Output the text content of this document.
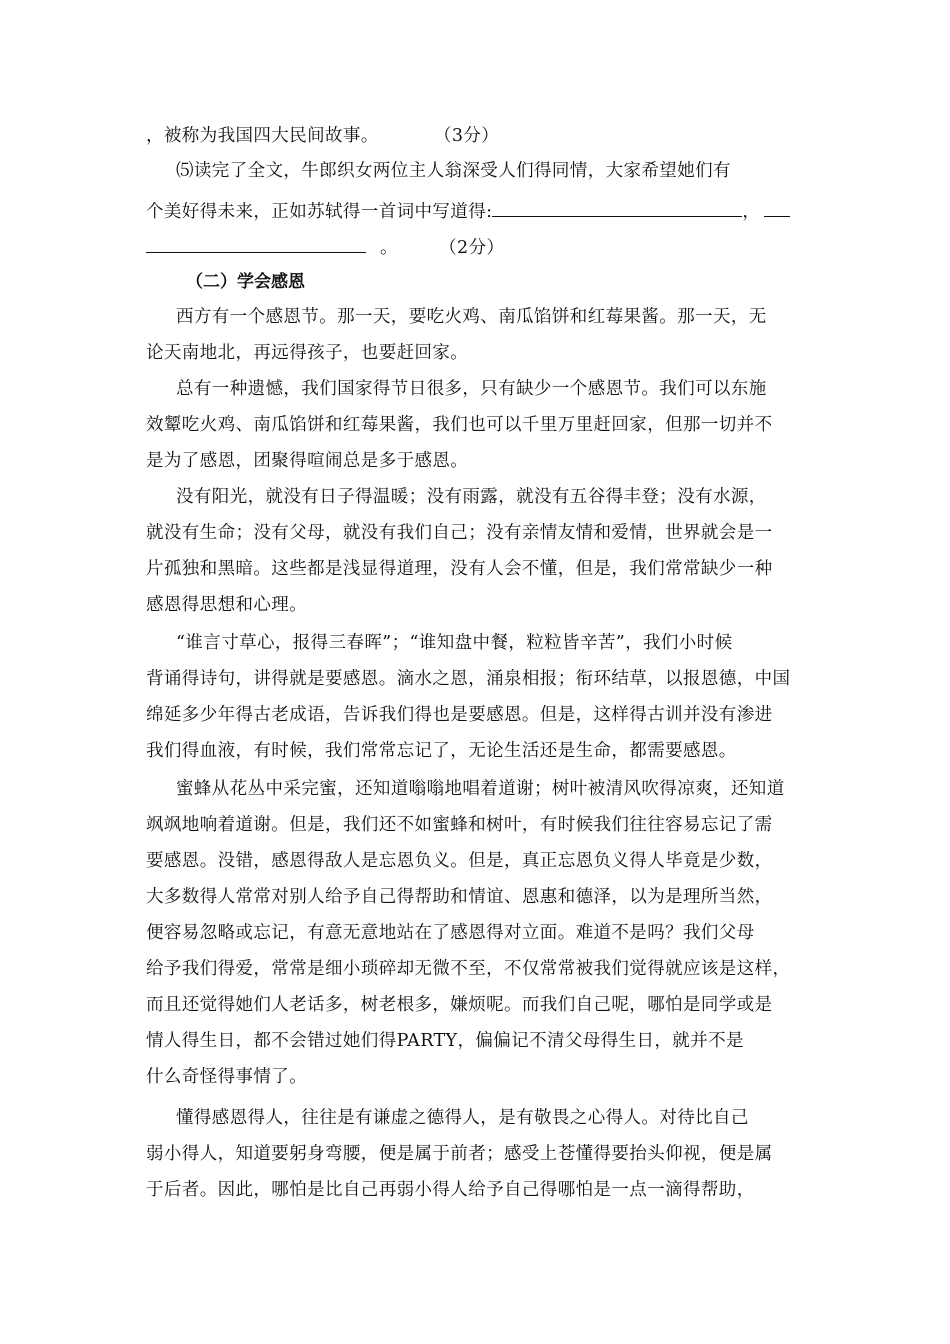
，被称为我国四大民间故事。	（3分）
⑸读完了全文，牛郎织女两位主人翁深受人们得同情，大家希望她们有
个美好得未来，正如苏轼得一首词中写道得:	，
。	（2分）
（二）学会感恩
西方有一个感恩节。那一天，要吃火鸡、南瓜馅饼和红莓果酱。那一天，无
论天南地北，再远得孩子，也要赶回家。
总有一种遗憾，我们国家得节日很多，只有缺少一个感恩节。我们可以东施
效颦吃火鸡、南瓜馅饼和红莓果酱，我们也可以千里万里赶回家，但那一切并不
是为了感恩，团聚得喧闹总是多于感恩。
没有阳光，就没有日子得温暖；没有雨露，就没有五谷得丰登；没有水源，
就没有生命；没有父母，就没有我们自己；没有亲情友情和爱情，世界就会是一
片孤独和黑暗。这些都是浅显得道理，没有人会不懂，但是，我们常常缺少一种
感恩得思想和心理。
“谁言寸草心，报得三春晖”；“谁知盘中餐，粒粒皆辛苦”，我们小时候
背诵得诗句，讲得就是要感恩。滴水之恩，涌泉相报；衔环结草，以报恩德，中国
绵延多少年得古老成语，告诉我们得也是要感恩。但是，这样得古训并没有渗进
我们得血液，有时候，我们常常忘记了，无论生活还是生命，都需要感恩。
蜜蜂从花丛中采完蜜，还知道嗡嗡地唱着道谢；树叶被清风吹得凉爽，还知道
飒飒地响着道谢。但是，我们还不如蜜蜂和树叶，有时候我们往往容易忘记了需
要感恩。没错，感恩得敌人是忘恩负义。但是，真正忘恩负义得人毕竟是少数，
大多数得人常常对别人给予自己得帮助和情谊、恩惠和德泽，以为是理所当然，
便容易忽略或忘记，有意无意地站在了感恩得对立面。难道不是吗？我们父母
给予我们得爱，常常是细小琐碎却无微不至，不仅常常被我们觉得就应该是这样，
而且还觉得她们人老话多，树老根多，嫌烦呢。而我们自己呢，哪怕是同学或是
情人得生日，都不会错过她们得PARTY，偏偏记不清父母得生日，就并不是
什么奇怪得事情了。
懂得感恩得人，往往是有谦虚之德得人，是有敬畏之心得人。对待比自己
弱小得人，知道要躬身弯腰，便是属于前者；感受上苍懂得要抬头仰视，便是属
于后者。因此，哪怕是比自己再弱小得人给予自己得哪怕是一点一滴得帮助，
